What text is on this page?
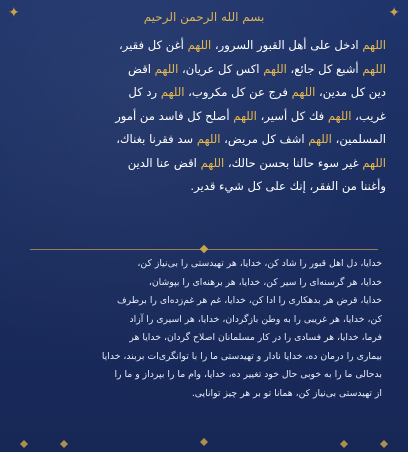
✦	✦
بسم الله الرحمن الرحیم
اللهم ادخل على أهل القبور السرور، اللهم أغن كل فقير،
اللهم أشبع كل جائع، اللهم اكس كل عريان، اللهم اقض
دين كل مدين، اللهم فرج عن كل مكروب، اللهم رد كل
غريب، اللهم فك كل أسير، اللهم أصلح كل فاسد من أمور
المسلمين، اللهم اشف كل مريض، اللهم سد فقرنا بغناك،
اللهم غير سوء حالنا بحسن حالك، اللهم اقض عنا الدين
وأغننا من الفقر، إنك على كل شيء قدير.
خدایا، دل اهل قبور را شاد کن، خدایا، هر تهیدستی را بی‌نیاز کن،
خدایا، هر گرسنه‌ای را سیر کن، خدایا، هر برهنه‌ای را بپوشان،
خدایا، قرض هر بدهکاری را ادا کن، خدایا، غم هر غم‌زده‌ای را برطرف
کن، خدایا، هر غریبی را به وطن بازگردان، خدایا، هر اسیری را آزاد
فرما، خدایا، هر فسادی را در کار مسلمانان اصلاح گردان، خدایا هر
بیماری را درمان ده، خدایا نادار و تهیدستی ما را با توانگری‌ات بربند، خدایا
بدحالی ما را به خوبی حال خود تغییر ده، خدایا، وام ما را بپرداز و ما را
از تهیدستی بی‌نیاز کن، همانا تو بر هر چیز توانایی.
